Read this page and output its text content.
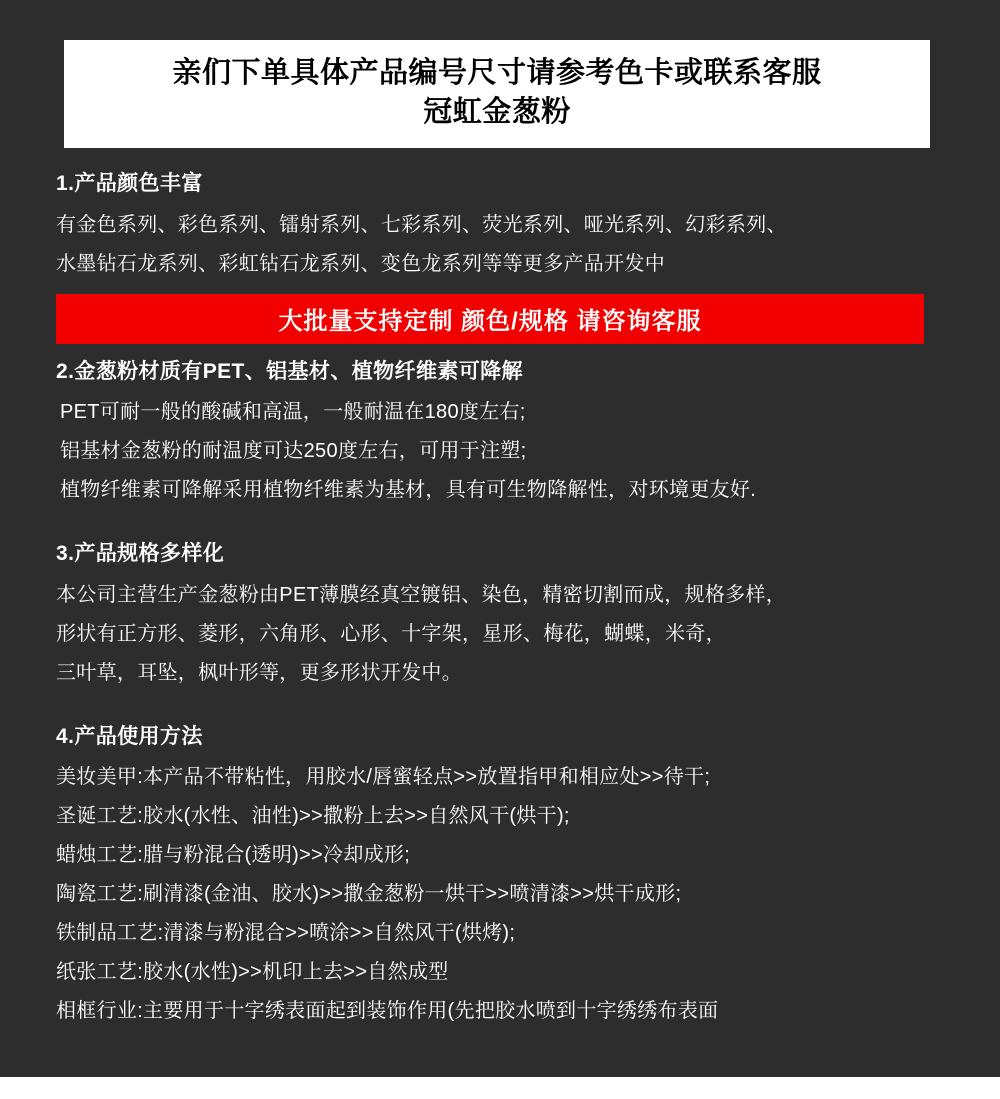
亲们下单具体产品编号尺寸请参考色卡或联系客服
冠虹金葱粉

1.产品颜色丰富

有金色系列、彩色系列、镭射系列、七彩系列、荧光系列、哑光系列、幻彩系列、

水墨钻石龙系列、彩虹钻石龙系列、变色龙系列等等更多产品开发中

大批量支持定制 颜色/规格 请咨询客服

2.金葱粉材质有PET、铝基材、植物纤维素可降解

PET可耐一般的酸碱和高温，一般耐温在180度左右;

铝基材金葱粉的耐温度可达250度左右，可用于注塑;

植物纤维素可降解采用植物纤维素为基材，具有可生物降解性，对环境更友好.

3.产品规格多样化

本公司主营生产金葱粉由PET薄膜经真空镀铝、染色，精密切割而成，规格多样，

形状有正方形、菱形，六角形、心形、十字架，星形、梅花，蝴蝶，米奇，

三叶草，耳坠，枫叶形等，更多形状开发中。

4.产品使用方法

美妆美甲:本产品不带粘性，用胶水/唇蜜轻点>>放置指甲和相应处>>待干;

圣诞工艺:胶水(水性、油性)>>撒粉上去>>自然风干(烘干);

蜡烛工艺:腊与粉混合(透明)>>冷却成形;

陶瓷工艺:刷清漆(金油、胶水)>>撒金葱粉一烘干>>喷清漆>>烘干成形;

铁制品工艺:清漆与粉混合>>喷涂>>自然风干(烘烤);

纸张工艺:胶水(水性)>>机印上去>>自然成型

相框行业:主要用于十字绣表面起到装饰作用(先把胶水喷到十字绣绣布表面
